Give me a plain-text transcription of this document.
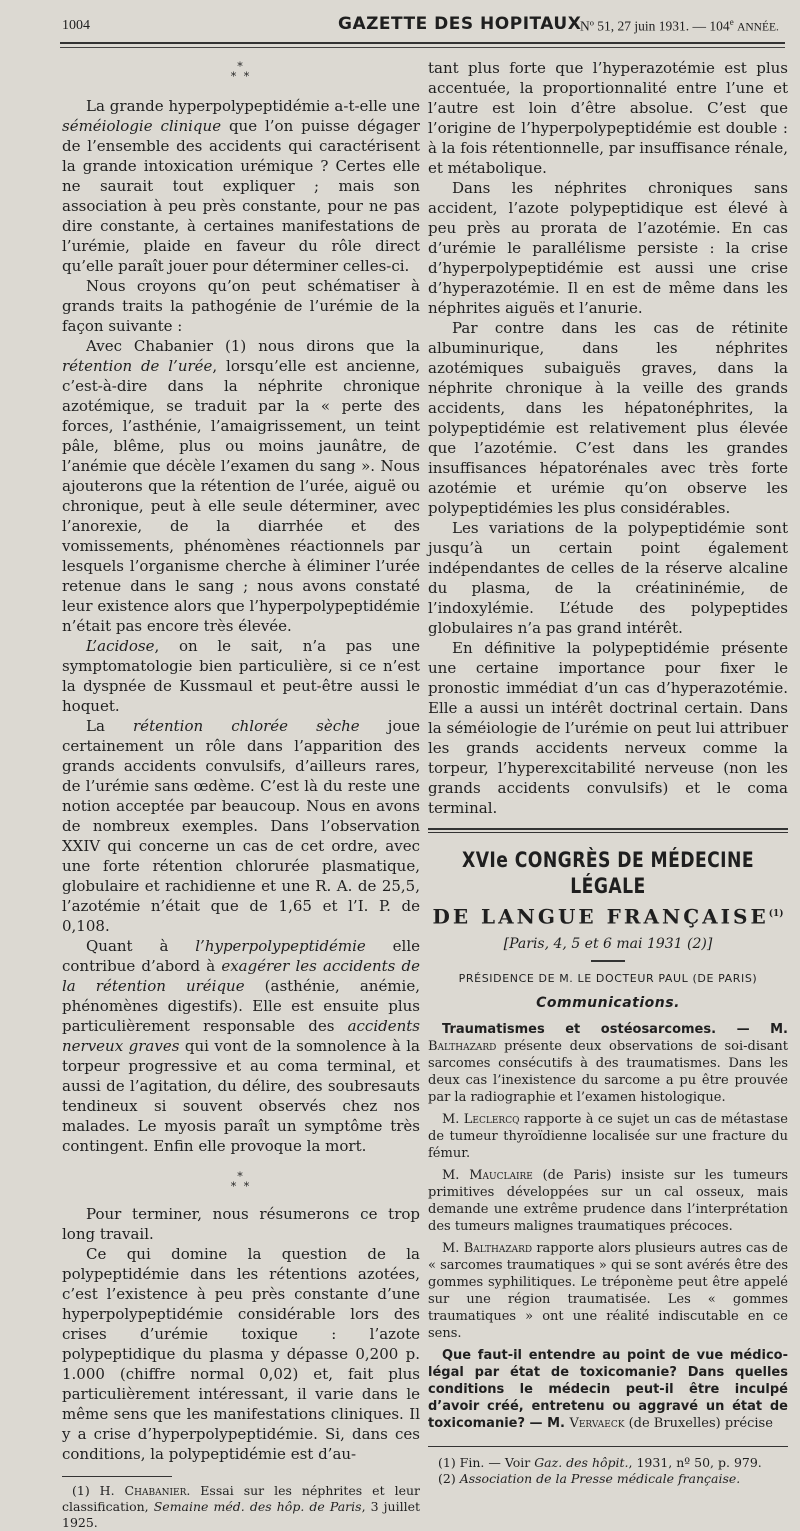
1004	GAZETTE DES HOPITAUX
Nº 51, 27 juin 1931. — 104e ANNÉE.
*
* *

La grande hyperpolypeptidémie a-t-elle une séméiologie clinique que l’on puisse dégager de l’ensemble des accidents qui caractérisent la grande intoxication urémique ? Certes elle ne saurait tout expliquer ; mais son association à peu près constante, pour ne pas dire constante, à certaines manifestations de l’urémie, plaide en faveur du rôle direct qu’elle paraît jouer pour déterminer celles-ci.

Nous croyons qu’on peut schématiser à grands traits la pathogénie de l’urémie de la façon suivante :

Avec Chabanier (1) nous dirons que la rétention de l’urée, lorsqu’elle est ancienne, c’est-à-dire dans la néphrite chronique azotémique, se traduit par la « perte des forces, l’asthénie, l’amaigrissement, un teint pâle, blême, plus ou moins jaunâtre, de l’anémie que décèle l’examen du sang ». Nous ajouterons que la rétention de l’urée, aiguë ou chronique, peut à elle seule déterminer, avec l’anorexie, de la diarrhée et des vomissements, phénomènes réactionnels par lesquels l’organisme cherche à éliminer l’urée retenue dans le sang ; nous avons constaté leur existence alors que l’hyperpolypeptidémie n’était pas encore très élevée.

L’acidose, on le sait, n’a pas une symptomatologie bien particulière, si ce n’est la dyspnée de Kussmaul et peut-être aussi le hoquet.

La rétention chlorée sèche joue certainement un rôle dans l’apparition des grands accidents convulsifs, d’ailleurs rares, de l’urémie sans œdème. C’est là du reste une notion acceptée par beaucoup. Nous en avons de nombreux exemples. Dans l’observation XXIV qui concerne un cas de cet ordre, avec une forte rétention chlorurée plasmatique, globulaire et rachidienne et une R. A. de 25,5, l’azotémie n’était que de 1,65 et l’I. P. de 0,108.

Quant à l’hyperpolypeptidémie elle contribue d’abord à exagérer les accidents de la rétention uréique (asthénie, anémie, phénomènes digestifs). Elle est ensuite plus particulièrement responsable des accidents nerveux graves qui vont de la somnolence à la torpeur progressive et au coma terminal, et aussi de l’agitation, du délire, des soubresauts tendineux si souvent observés chez nos malades. Le myosis paraît un symptôme très contingent. Enfin elle provoque la mort.

*
* *

Pour terminer, nous résumerons ce trop long travail.

Ce qui domine la question de la polypeptidémie dans les rétentions azotées, c’est l’existence à peu près constante d’une hyperpolypeptidémie considérable lors des crises d’urémie toxique : l’azote polypeptidique du plasma y dépasse 0,200 p. 1.000 (chiffre normal 0,02) et, fait plus particulièrement intéressant, il varie dans le même sens que les manifestations cliniques. Il y a crise d’hyperpolypeptidémie. Si, dans ces conditions, la polypeptidémie est d’au-

(1) H. Chabanier. Essai sur les néphrites et leur classification, Semaine méd. des hôp. de Paris, 3 juillet 1925.

tant plus forte que l’hyperazotémie est plus accentuée, la proportionnalité entre l’une et l’autre est loin d’être absolue. C’est que l’origine de l’hyperpolypeptidémie est double : à la fois rétentionnelle, par insuffisance rénale, et métabolique.

Dans les néphrites chroniques sans accident, l’azote polypeptidique est élevé à peu près au prorata de l’azotémie. En cas d’urémie le parallélisme persiste : la crise d’hyperpolypeptidémie est aussi une crise d’hyperazotémie. Il en est de même dans les néphrites aiguës et l’anurie.

Par contre dans les cas de rétinite albuminurique, dans les néphrites azotémiques subaiguës graves, dans la néphrite chronique à la veille des grands accidents, dans les hépatonéphrites, la polypeptidémie est relativement plus élevée que l’azotémie. C’est dans les grandes insuffisances hépatorénales avec très forte azotémie et urémie qu’on observe les polypeptidémies les plus considérables.

Les variations de la polypeptidémie sont jusqu’à un certain point également indépendantes de celles de la réserve alcaline du plasma, de la créatininémie, de l’indoxylémie. L’étude des polypeptides globulaires n’a pas grand intérêt.

En définitive la polypeptidémie présente une certaine importance pour fixer le pronostic immédiat d’un cas d’hyperazotémie. Elle a aussi un intérêt doctrinal certain. Dans la séméiologie de l’urémie on peut lui attribuer les grands accidents nerveux comme la torpeur, l’hyperexcitabilité nerveuse (non les grands accidents convulsifs) et le coma terminal.

XVIe CONGRÈS DE MÉDECINE LÉGALE
DE LANGUE FRANÇAISE$^{(1)}$
[Paris, 4, 5 et 6 mai 1931 (2)]
PRÉSIDENCE DE M. LE DOCTEUR PAUL (DE PARIS)
Communications.

Traumatismes et ostéosarcomes. — M. Balthazard présente deux observations de soi-disant sarcomes consécutifs à des traumatismes. Dans les deux cas l’inexistence du sarcome a pu être prouvée par la radiographie et l’examen histologique.

M. Leclercq rapporte à ce sujet un cas de métastase de tumeur thyroïdienne localisée sur une fracture du fémur.

M. Mauclaire (de Paris) insiste sur les tumeurs primitives développées sur un cal osseux, mais demande une extrême prudence dans l’interprétation des tumeurs malignes traumatiques précoces.

M. Balthazard rapporte alors plusieurs autres cas de « sarcomes traumatiques » qui se sont avérés être des gommes syphilitiques. Le tréponème peut être appelé sur une région traumatisée. Les « gommes traumatiques » ont une réalité indiscutable en ce sens.

Que faut-il entendre au point de vue médico-légal par état de toxicomanie? Dans quelles conditions le médecin peut-il être inculpé d’avoir créé, entretenu ou aggravé un état de toxicomanie? — M. Vervaeck (de Bruxelles) précise

(1) Fin. — Voir Gaz. des hôpit., 1931, nº 50, p. 979.

(2) Association de la Presse médicale française.
